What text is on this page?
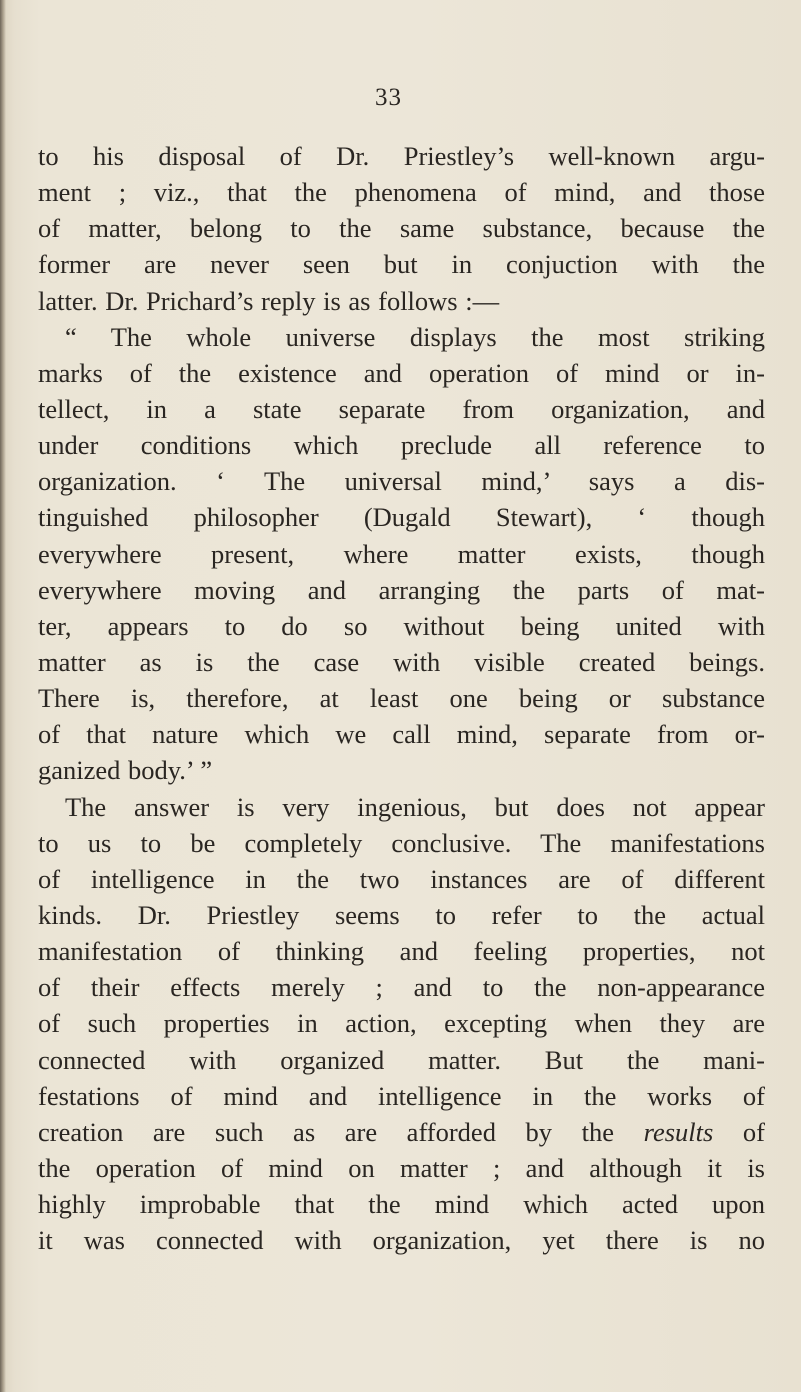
33
to his disposal of Dr. Priestley’s well-known argu-
ment ; viz., that the phenomena of mind, and those
of matter, belong to the same substance, because the
former are never seen but in conjuction with the
latter. Dr. Prichard’s reply is as follows :—
“ The whole universe displays the most striking
marks of the existence and operation of mind or in-
tellect, in a state separate from organization, and
under conditions which preclude all reference to
organization. ‘ The universal mind,’ says a dis-
tinguished philosopher (Dugald Stewart), ‘ though
everywhere present, where matter exists, though
everywhere moving and arranging the parts of mat-
ter, appears to do so without being united with
matter as is the case with visible created beings.
There is, therefore, at least one being or substance
of that nature which we call mind, separate from or-
ganized body.’ ”
The answer is very ingenious, but does not appear
to us to be completely conclusive. The manifestations
of intelligence in the two instances are of different
kinds. Dr. Priestley seems to refer to the actual
manifestation of thinking and feeling properties, not
of their effects merely ; and to the non-appearance
of such properties in action, excepting when they are
connected with organized matter. But the mani-
festations of mind and intelligence in the works of
creation are such as are afforded by the results of
the operation of mind on matter ; and although it is
highly improbable that the mind which acted upon
it was connected with organization, yet there is no
